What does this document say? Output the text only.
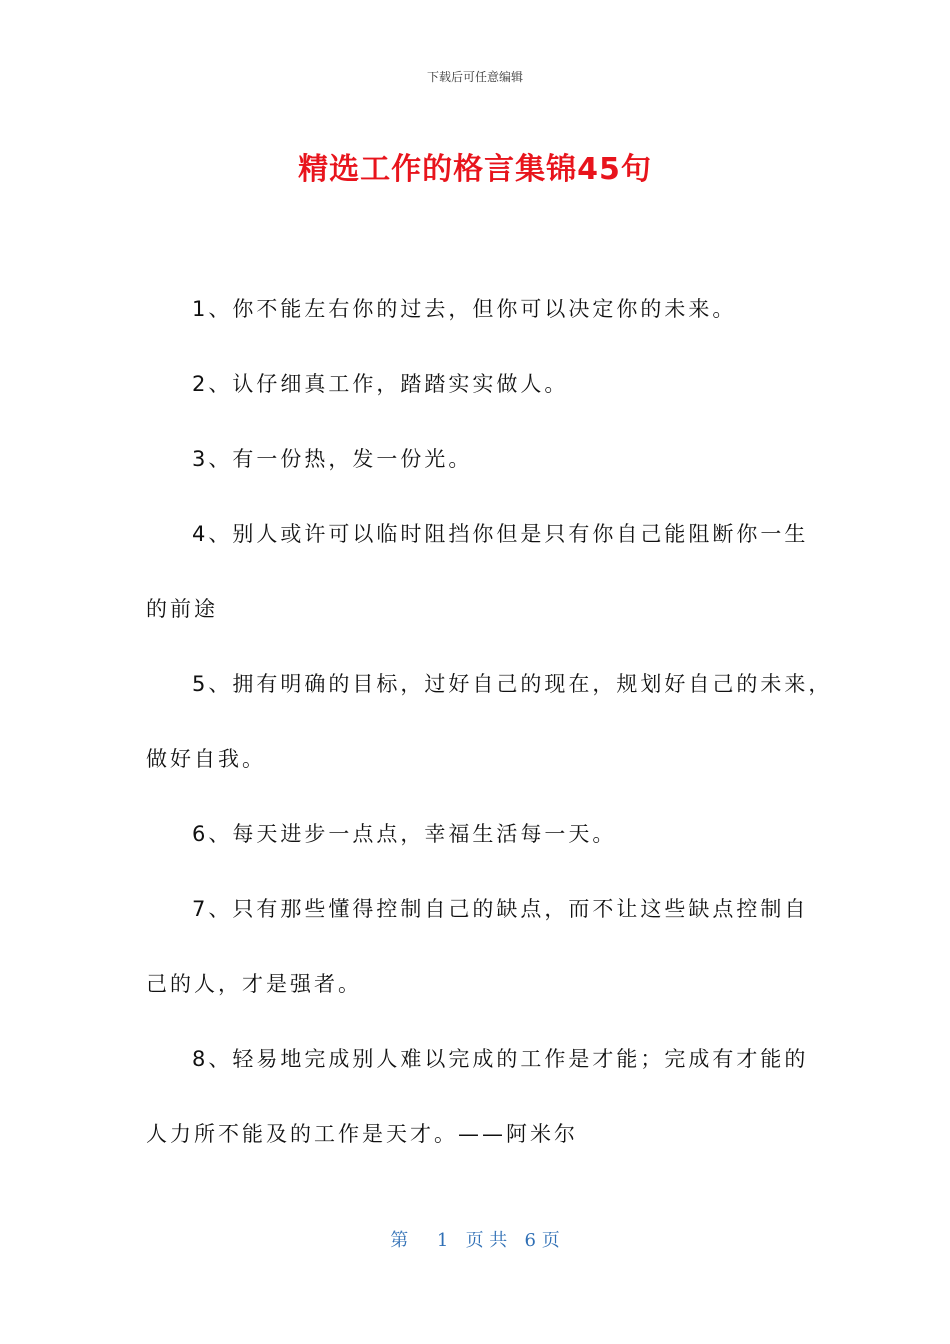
下载后可任意编辑
精选工作的格言集锦45句

1、你不能左右你的过去，但你可以决定你的未来。

2、认仔细真工作，踏踏实实做人。

3、有一份热，发一份光。

4、别人或许可以临时阻挡你但是只有你自己能阻断你一生

的前途

5、拥有明确的目标，过好自己的现在，规划好自己的未来，

做好自我。

6、每天进步一点点，幸福生活每一天。

7、只有那些懂得控制自己的缺点，而不让这些缺点控制自

己的人，才是强者。

8、轻易地完成别人难以完成的工作是才能；完成有才能的

人力所不能及的工作是天才。——阿米尔

第 1 页 共 6 页
